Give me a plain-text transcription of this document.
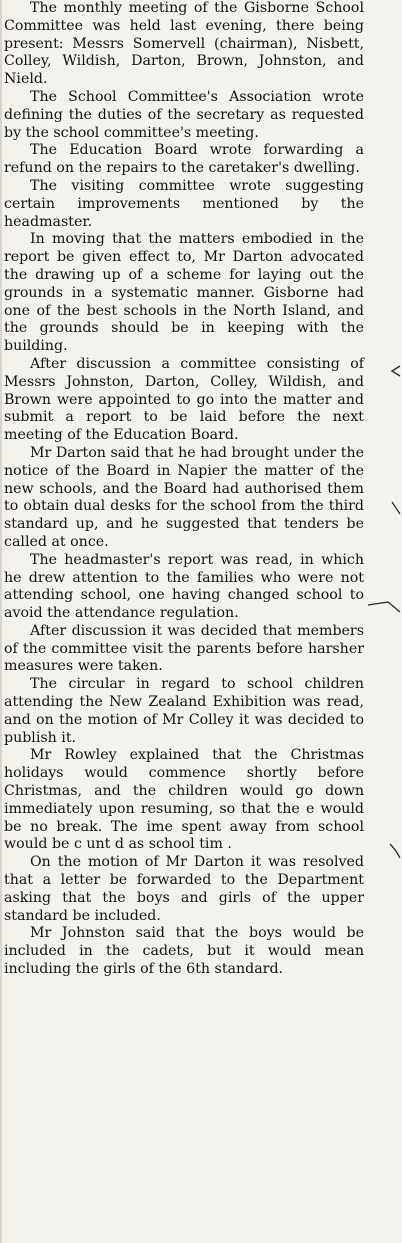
The monthly meeting of the Gisborne School Committee was held last evening, there being present: Messrs Somervell (chairman), Nisbett, Colley, Wildish, Darton, Brown, Johnston, and Nield.

The School Committee's Association wrote defining the duties of the secretary as requested by the school committee's meeting.

The Education Board wrote forwarding a refund on the repairs to the caretaker's dwelling.

The visiting committee wrote suggesting certain improvements mentioned by the headmaster.

In moving that the matters embodied in the report be given effect to, Mr Darton advocated the drawing up of a scheme for laying out the grounds in a systematic manner. Gisborne had one of the best schools in the North Island, and the grounds should be in keeping with the building.

After discussion a committee consisting of Messrs Johnston, Darton, Colley, Wildish, and Brown were appointed to go into the matter and submit a report to be laid before the next meeting of the Education Board.

Mr Darton said that he had brought under the notice of the Board in Napier the matter of the new schools, and the Board had authorised them to obtain dual desks for the school from the third standard up, and he suggested that tenders be called at once.

The headmaster's report was read, in which he drew attention to the families who were not attending school, one having changed school to avoid the attendance regulation.

After discussion it was decided that members of the committee visit the parents before harsher measures were taken.

The circular in regard to school children attending the New Zealand Exhibition was read, and on the motion of Mr Colley it was decided to publish it.

Mr Rowley explained that the Christmas holidays would commence shortly before Christmas, and the children would go down immediately upon resuming, so that the e would be no break. The ime spent away from school would be c unt d as school tim .

On the motion of Mr Darton it was resolved that a letter be forwarded to the Department asking that the boys and girls of the upper standard be included.

Mr Johnston said that the boys would be included in the cadets, but it would mean including the girls of the 6th standard.
